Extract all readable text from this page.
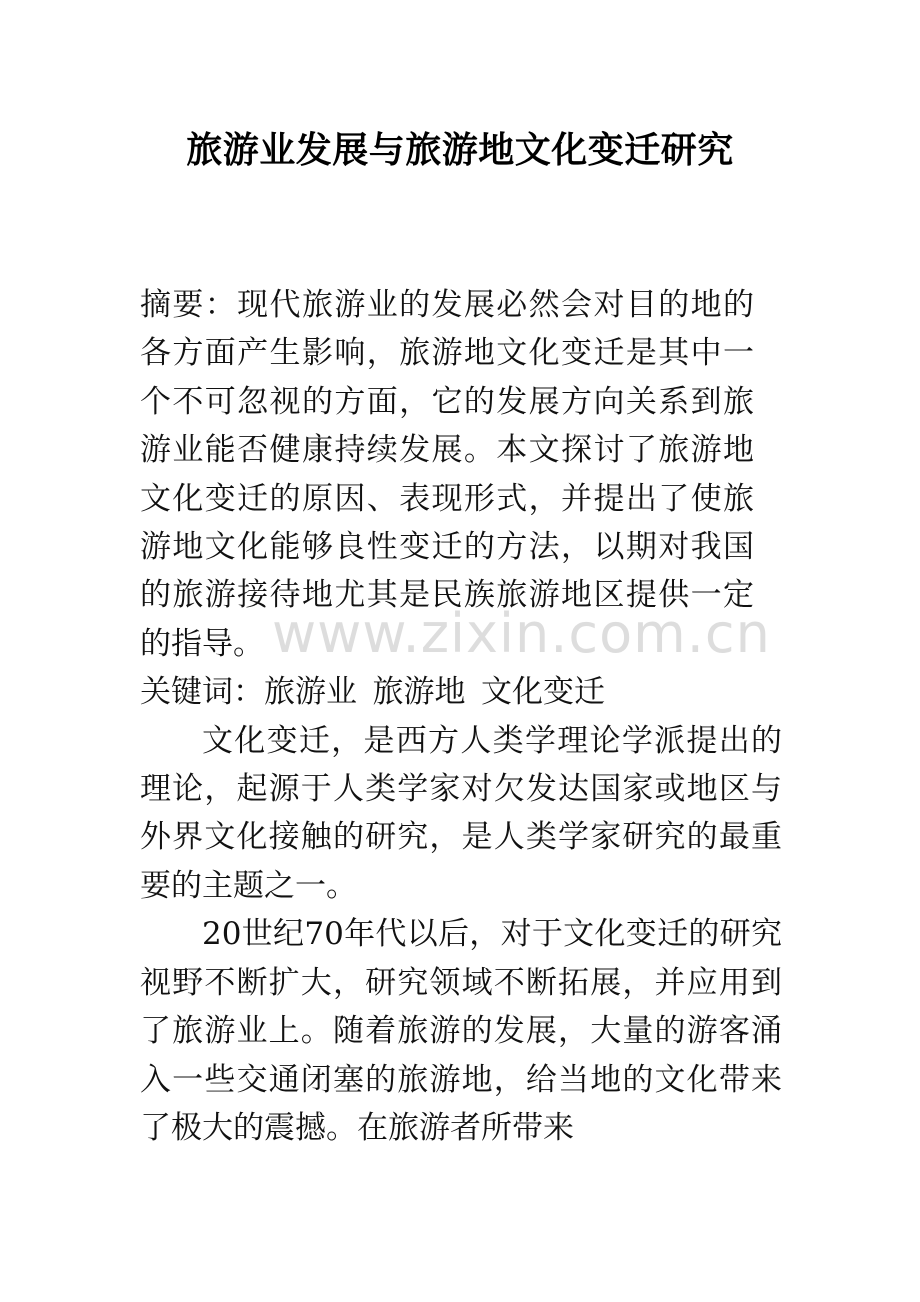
旅游业发展与旅游地文化变迁研究

摘要：现代旅游业的发展必然会对目的地的各方面产生影响，旅游地文化变迁是其中一个不可忽视的方面，它的发展方向关系到旅游业能否健康持续发展。本文探讨了旅游地文化变迁的原因、表现形式，并提出了使旅游地文化能够良性变迁的方法，以期对我国的旅游接待地尤其是民族旅游地区提供一定的指导。

关键词：旅游业 旅游地 文化变迁

文化变迁，是西方人类学理论学派提出的理论，起源于人类学家对欠发达国家或地区与外界文化接触的研究，是人类学家研究的最重要的主题之一。

20世纪70年代以后，对于文化变迁的研究视野不断扩大，研究领域不断拓展，并应用到了旅游业上。随着旅游的发展，大量的游客涌入一些交通闭塞的旅游地，给当地的文化带来了极大的震撼。在旅游者所带来

www.zixin.com.cn
